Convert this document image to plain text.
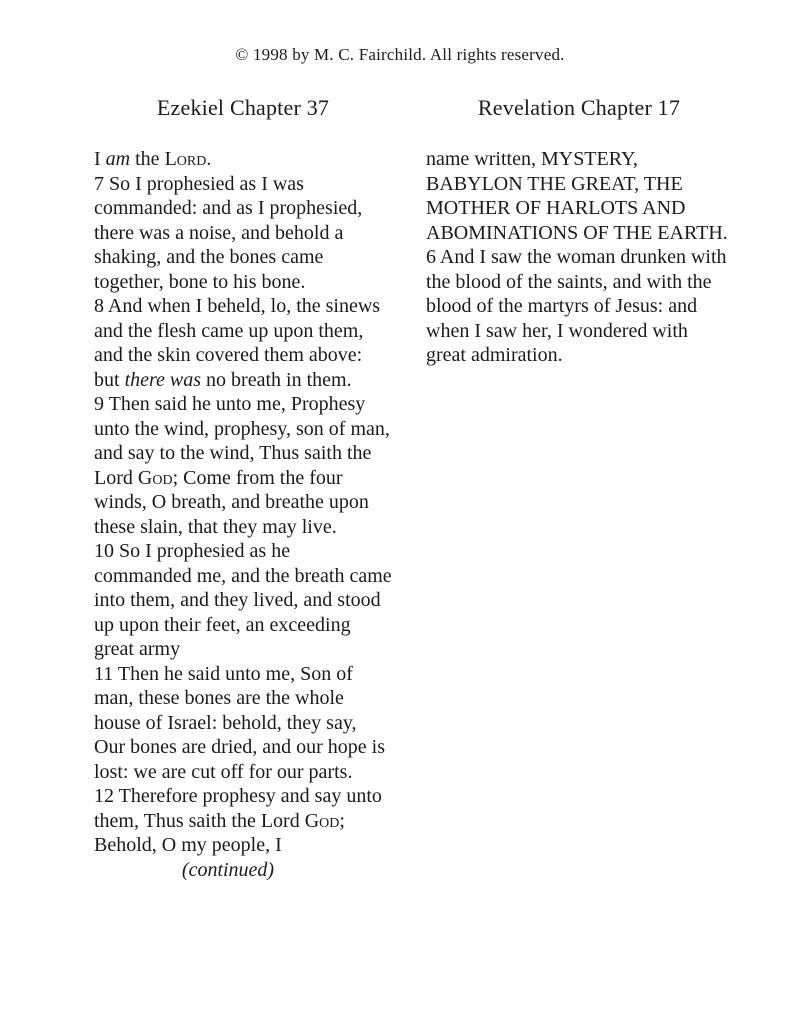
© 1998 by M. C. Fairchild. All rights reserved.
Ezekiel Chapter 37

I am the Lord.

7 So I prophesied as I was commanded: and as I prophesied, there was a noise, and behold a shaking, and the bones came together, bone to his bone.

8 And when I beheld, lo, the sinews and the flesh came up upon them, and the skin covered them above: but there was no breath in them.

9 Then said he unto me, Prophesy unto the wind, prophesy, son of man, and say to the wind, Thus saith the Lord God; Come from the four winds, O breath, and breathe upon these slain, that they may live.

10 So I prophesied as he commanded me, and the breath came into them, and they lived, and stood up upon their feet, an exceeding great army

11 Then he said unto me, Son of man, these bones are the whole house of Israel: behold, they say, Our bones are dried, and our hope is lost: we are cut off for our parts.

12 Therefore prophesy and say unto them, Thus saith the Lord God; Behold, O my people, I

(continued)

Revelation Chapter 17

name written, MYSTERY, BABYLON THE GREAT, THE MOTHER OF HARLOTS AND ABOMINATIONS OF THE EARTH.

6 And I saw the woman drunken with the blood of the saints, and with the blood of the martyrs of Jesus: and when I saw her, I wondered with great admiration.
